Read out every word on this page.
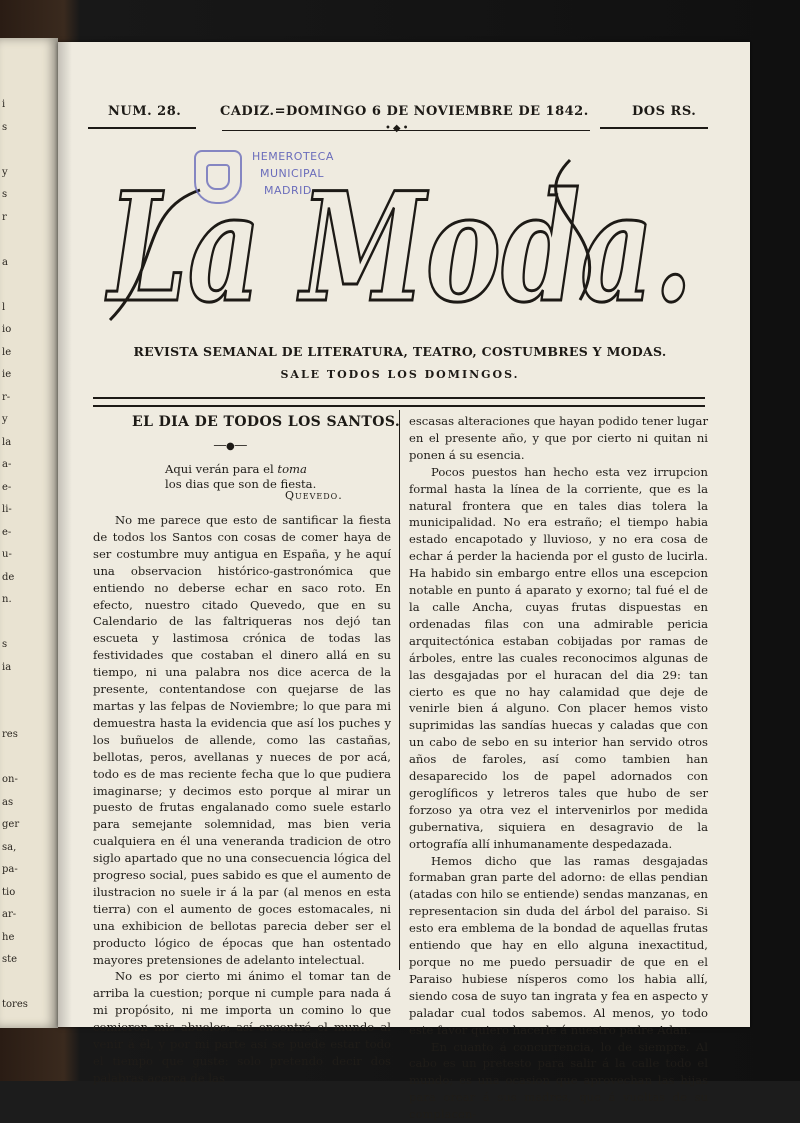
i
s
y
s
r
a
l
io
le
ie
r-
y
la
a-
e-
li-
e-
u-
de
n.
s
ia
res
on-
as
ger
sa,
pa-
tio
ar-
he
ste
tores
NUM. 28.	CADIZ.=DOMINGO 6 DE NOVIEMBRE DE 1842.	DOS RS.
•◆•
La Moda.
HEMEROTECA
MUNICIPAL
MADRID
REVISTA SEMANAL DE LITERATURA, TEATRO, COSTUMBRES Y MODAS.
SALE TODOS LOS DOMINGOS.
EL DIA DE TODOS LOS SANTOS.
──●──
Aqui verán para el toma
los dias que son de fiesta.
Quevedo.

No me parece que esto de santificar la fiesta de todos los Santos con cosas de comer haya de ser costumbre muy antigua en España, y he aquí una observacion histórico-gastronómica que entiendo no deberse echar en saco roto. En efecto, nuestro citado Quevedo, que en su Calendario de las faltriqueras nos dejó tan escueta y lastimosa crónica de todas las festividades que costaban el dinero allá en su tiempo, ni una palabra nos dice acerca de la presente, contentandose con quejarse de las martas y las felpas de Noviembre; lo que para mi demuestra hasta la evidencia que así los puches y los buñuelos de allende, como las castañas, bellotas, peros, avellanas y nueces de por acá, todo es de mas reciente fecha que lo que pudiera imaginarse; y decimos esto porque al mirar un puesto de frutas engalanado como suele estarlo para semejante solemnidad, mas bien veria cualquiera en él una veneranda tradicion de otro siglo apartado que no una consecuencia lógica del progreso social, pues sabido es que el aumento de ilustracion no suele ir á la par (al menos en esta tierra) con el aumento de goces estomacales, ni una exhibicion de bellotas parecia deber ser el producto lógico de épocas que han ostentado mayores pretensiones de adelanto intelectual.

No es por cierto mi ánimo el tomar tan de arriba la cuestion; porque ni cumple para nada á mi propósito, ni me importa un comino lo que comieron mis abuelos: así encontré el mundo al venir á él, y por mi parte así se puede estar todo el tiempo que guste: solo pretendo decir dos palabras acerca de las

escasas alteraciones que hayan podido tener lugar en el presente año, y que por cierto ni quitan ni ponen á su esencia.

Pocos puestos han hecho esta vez irrupcion formal hasta la línea de la corriente, que es la natural frontera que en tales dias tolera la municipalidad. No era estraño; el tiempo habia estado encapotado y lluvioso, y no era cosa de echar á perder la hacienda por el gusto de lucirla. Ha habido sin embargo entre ellos una escepcion notable en punto á aparato y exorno; tal fué el de la calle Ancha, cuyas frutas dispuestas en ordenadas filas con una admirable pericia arquitectónica estaban cobijadas por ramas de árboles, entre las cuales reconocimos algunas de las desgajadas por el huracan del dia 29: tan cierto es que no hay calamidad que deje de venirle bien á alguno. Con placer hemos visto suprimidas las sandías huecas y caladas que con un cabo de sebo en su interior han servido otros años de faroles, así como tambien han desaparecido los de papel adornados con geroglíficos y letreros tales que hubo de ser forzoso ya otra vez el intervenirlos por medida gubernativa, siquiera en desagravio de la ortografía allí inhumanamente despedazada.

Hemos dicho que las ramas desgajadas formaban gran parte del adorno: de ellas pendian (atadas con hilo se entiende) sendas manzanas, en representacion sin duda del árbol del paraiso. Si esto era emblema de la bondad de aquellas frutas entiendo que hay en ello alguna inexactitud, porque no me puedo persuadir de que en el Paraiso hubiese nísperos como los habia allí, siendo cosa de suyo tan ingrata y fea en aspecto y paladar cual todos sabemos. Al menos, yo todo este favor quiero hacerle á nuestro padre Adan.

En cuanto á concurrencia, lo de siempre. Al cabo es un pretesto para salir á la calle todo el mundo; es una ocasion que aprovechan las hijas para orear á sus madres, que á vueltas de su complacen-
